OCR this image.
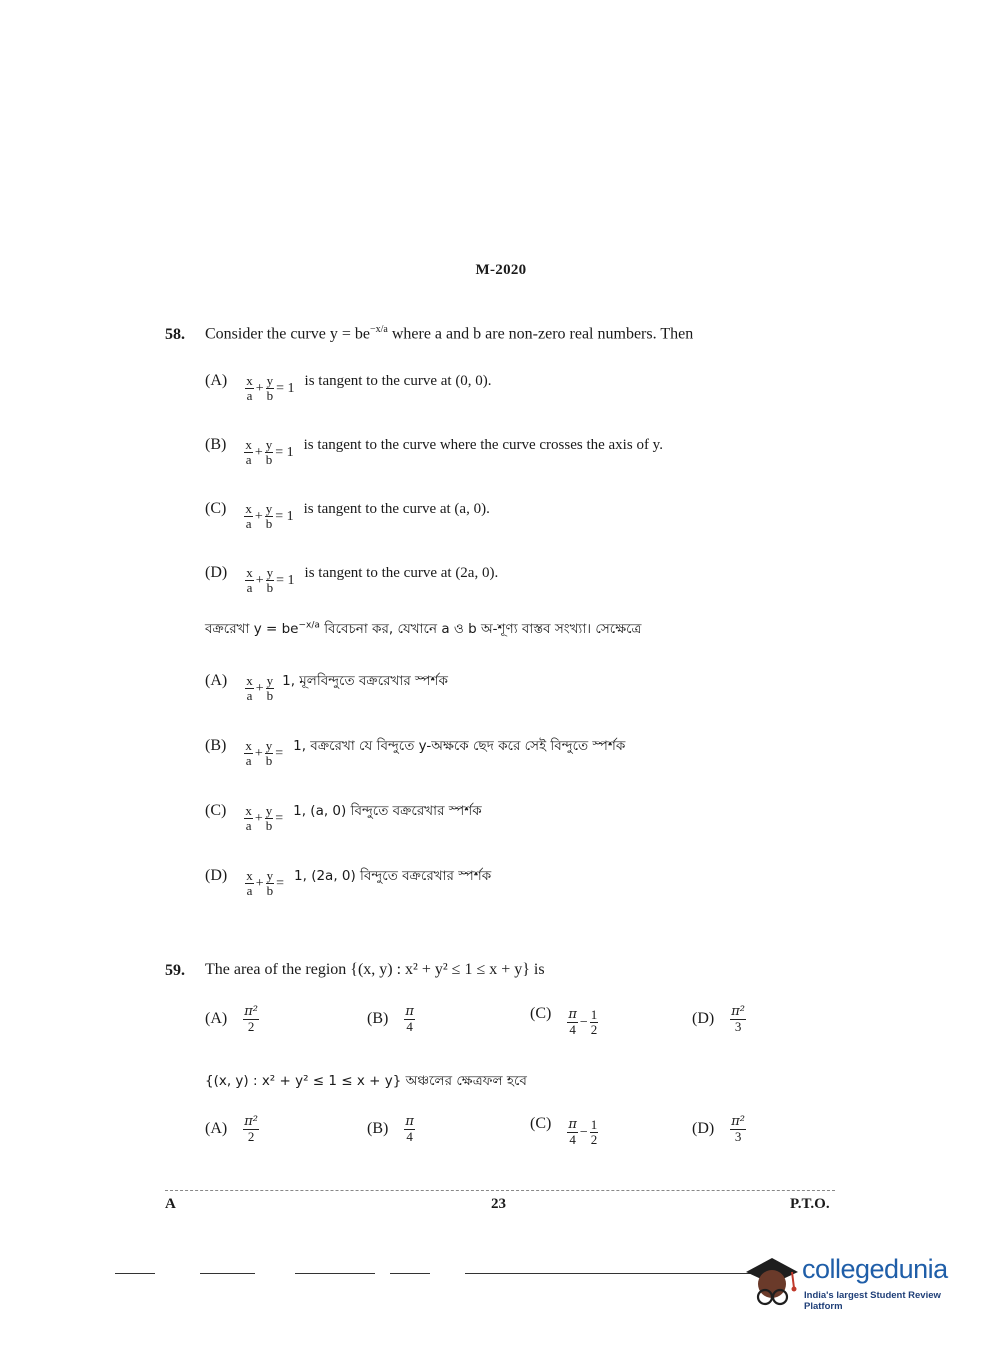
M-2020
58. Consider the curve $y = be^{-x/a}$ where a and b are non-zero real numbers. Then
$(A) \frac{x}{a} + \frac{y}{b} = 1$ is tangent to the curve at (0, 0).
$(B) \frac{x}{a} + \frac{y}{b} = 1$ is tangent to the curve where the curve crosses the axis of y.
$(C) \frac{x}{a} + \frac{y}{b} = 1$ is tangent to the curve at (a, 0).
$(D) \frac{x}{a} + \frac{y}{b} = 1$ is tangent to the curve at (2a, 0).
বক্ররেখা $y = be^{-x/a}$ বিবেচনা কর, যেখানে a ও b অ-শূণ্য বাস্তব সংখ্যা। সেক্ষেত্রে
$(A) \frac{x}{a} + \frac{y}{b} 1$, মূলবিন্দুতে বক্ররেখার স্পর্শক
$(B) \frac{x}{a} + \frac{y}{b} = 1$, বক্ররেখা যে বিন্দুতে y-অক্ষকে ছেদ করে সেই বিন্দুতে স্পর্শক
$(C) \frac{x}{a} + \frac{y}{b} = 1$, (a, 0) বিন্দুতে বক্ররেখার স্পর্শক
$(D) \frac{x}{a} + \frac{y}{b} = 1$, (2a, 0) বিন্দুতে বক্ররেখার স্পর্শক
59. The area of the region {(x, y) : x² + y² ≤ 1 ≤ x + y} is
$(A) \frac{\text{π²}}{2}$	$(B) \frac{\pi}{4}$	$(C) \frac{\pi}{4} - \frac{1}{2}$	$(D) \frac{\text{π²}}{3}$
{(x, y) : x² + y² ≤ 1 ≤ x + y} অঞ্চলের ক্ষেত্রফল হবে
$(A) \frac{\text{π²}}{2}$	$(B) \frac{\pi}{4}$	$(C) \frac{\pi}{4} - \frac{1}{2}$	$(D) \frac{\text{π²}}{3}$
A	23	P.T.O.
collegedunia
India's largest Student Review Platform
